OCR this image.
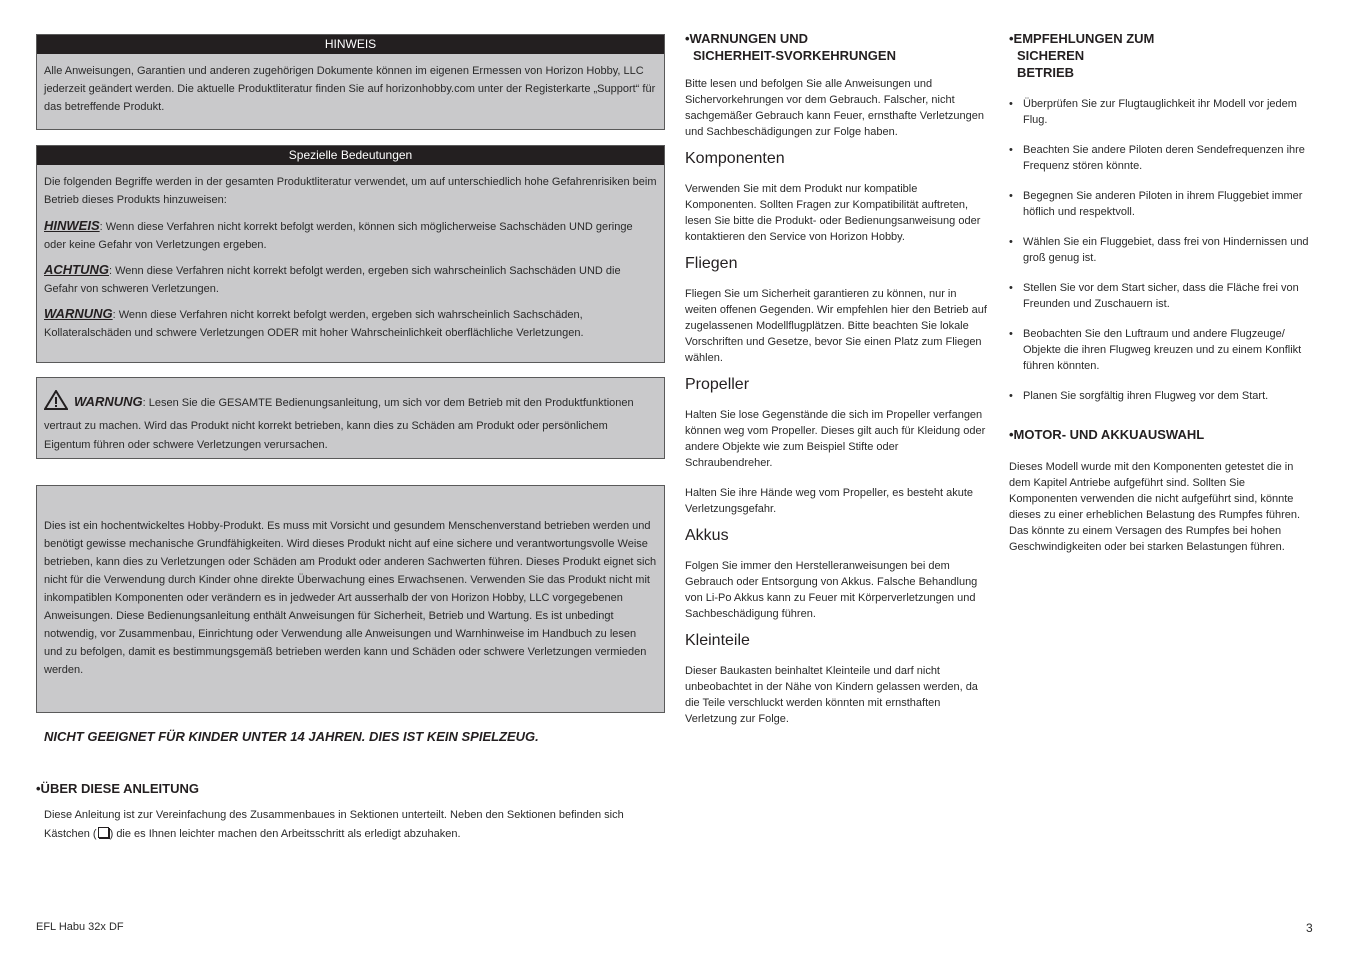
HINWEIS

Alle Anweisungen, Garantien und anderen zugehörigen Dokumente können im eigenen Ermessen von Horizon Hobby, LLC jederzeit geändert werden. Die aktuelle Produktliteratur finden Sie auf horizonhobby.com unter der Registerkarte „Support“ für das betreffende Produkt.

Spezielle Bedeutungen

Die folgenden Begriffe werden in der gesamten Produktliteratur verwendet, um auf unterschiedlich hohe Gefahrenrisiken beim Betrieb dieses Produkts hinzuweisen:

HINWEIS: Wenn diese Verfahren nicht korrekt befolgt werden, können sich möglicherweise Sachschäden UND geringe oder keine Gefahr von Verletzungen ergeben.

ACHTUNG: Wenn diese Verfahren nicht korrekt befolgt werden, ergeben sich wahrscheinlich Sachschäden UND die Gefahr von schweren Verletzungen.

WARNUNG: Wenn diese Verfahren nicht korrekt befolgt werden, ergeben sich wahrscheinlich Sachschäden, Kollateralschäden und schwere Verletzungen ODER mit hoher Wahrscheinlichkeit oberflächliche Verletzungen.

WARNUNG: Lesen Sie die GESAMTE Bedienungsanleitung, um sich vor dem Betrieb mit den Produktfunktionen vertraut zu machen. Wird das Produkt nicht korrekt betrieben, kann dies zu Schäden am Produkt oder persönlichem Eigentum führen oder schwere Verletzungen verursachen.

Dies ist ein hochentwickeltes Hobby-Produkt. Es muss mit Vorsicht und gesundem Menschenverstand betrieben werden und benötigt gewisse mechanische Grundfähigkeiten. Wird dieses Produkt nicht auf eine sichere und verantwortungsvolle Weise betrieben, kann dies zu Verletzungen oder Schäden am Produkt oder anderen Sachwerten führen. Dieses Produkt eignet sich nicht für die Verwendung durch Kinder ohne direkte Überwachung eines Erwachsenen. Verwenden Sie das Produkt nicht mit inkompatiblen Komponenten oder verändern es in jedweder Art ausserhalb der von Horizon Hobby, LLC vorgegebenen Anweisungen. Diese Bedienungsanleitung enthält Anweisungen für Sicherheit, Betrieb und Wartung. Es ist unbedingt notwendig, vor Zusammenbau, Einrichtung oder Verwendung alle Anweisungen und Warnhinweise im Handbuch zu lesen und zu befolgen, damit es bestimmungsgemäß betrieben werden kann und Schäden oder schwere Verletzungen vermieden werden.

NICHT GEEIGNET FÜR KINDER UNTER 14 JAHREN. DIES IST KEIN SPIELZEUG.

•ÜBER DIESE ANLEITUNG

Diese Anleitung ist zur Vereinfachung des Zusammenbaues in Sektionen unterteilt. Neben den Sektionen befinden sich Kästchen ( ) die es Ihnen leichter machen den Arbeitsschritt als erledigt abzuhaken.

•WARNUNGEN UND
SICHERHEIT-SVORKEHRUNGEN

Bitte lesen und befolgen Sie alle Anweisungen und Sichervorkehrungen vor dem Gebrauch. Falscher, nicht sachgemäßer Gebrauch kann Feuer, ernsthafte Verletzungen und Sachbeschädigungen zur Folge haben.

Komponenten

Verwenden Sie mit dem Produkt nur kompatible Komponenten. Sollten Fragen zur Kompatibilität auftreten, lesen Sie bitte die Produkt- oder Bedienungsanweisung oder kontaktieren den Service von Horizon Hobby.

Fliegen

Fliegen Sie um Sicherheit garantieren zu können, nur in weiten offenen Gegenden. Wir empfehlen hier den Betrieb auf zugelassenen Modellflugplätzen. Bitte beachten Sie lokale Vorschriften und Gesetze, bevor Sie einen Platz zum Fliegen wählen.

Propeller

Halten Sie lose Gegenstände die sich im Propeller verfangen können weg vom Propeller. Dieses gilt auch für Kleidung oder andere Objekte wie zum Beispiel Stifte oder Schraubendreher.

Halten Sie ihre Hände weg vom Propeller, es besteht akute Verletzungsgefahr.

Akkus

Folgen Sie immer den Herstelleranweisungen bei dem Gebrauch oder Entsorgung von Akkus. Falsche Behandlung von Li-Po Akkus kann zu Feuer mit Körperverletzungen und Sachbeschädigung führen.

Kleinteile

Dieser Baukasten beinhaltet Kleinteile und darf nicht unbeobachtet in der Nähe von Kindern gelassen werden, da die Teile verschluckt werden könnten mit ernsthaften Verletzung zur Folge.

•EMPFEHLUNGEN ZUM
SICHEREN
BETRIEB

• Überprüfen Sie zur Flugtauglichkeit ihr Modell vor jedem Flug.
• Beachten Sie andere Piloten deren Sendefrequenzen ihre Frequenz stören könnte.
• Begegnen Sie anderen Piloten in ihrem Fluggebiet immer höflich und respektvoll.
• Wählen Sie ein Fluggebiet, dass frei von Hindernissen und groß genug ist.
• Stellen Sie vor dem Start sicher, dass die Fläche frei von Freunden und Zuschauern ist.
• Beobachten Sie den Luftraum und andere Flugzeuge/ Objekte die ihren Flugweg kreuzen und zu einem Konflikt führen könnten.
• Planen Sie sorgfältig ihren Flugweg vor dem Start.

•MOTOR- UND AKKUAUSWAHL

Dieses Modell wurde mit den Komponenten getestet die in dem Kapitel Antriebe aufgeführt sind. Sollten Sie Komponenten verwenden die nicht aufgeführt sind, könnte dieses zu einer erheblichen Belastung des Rumpfes führen. Das könnte zu einem Versagen des Rumpfes bei hohen Geschwindigkeiten oder bei starken Belastungen führen.

EFL Habu 32x DF	3
